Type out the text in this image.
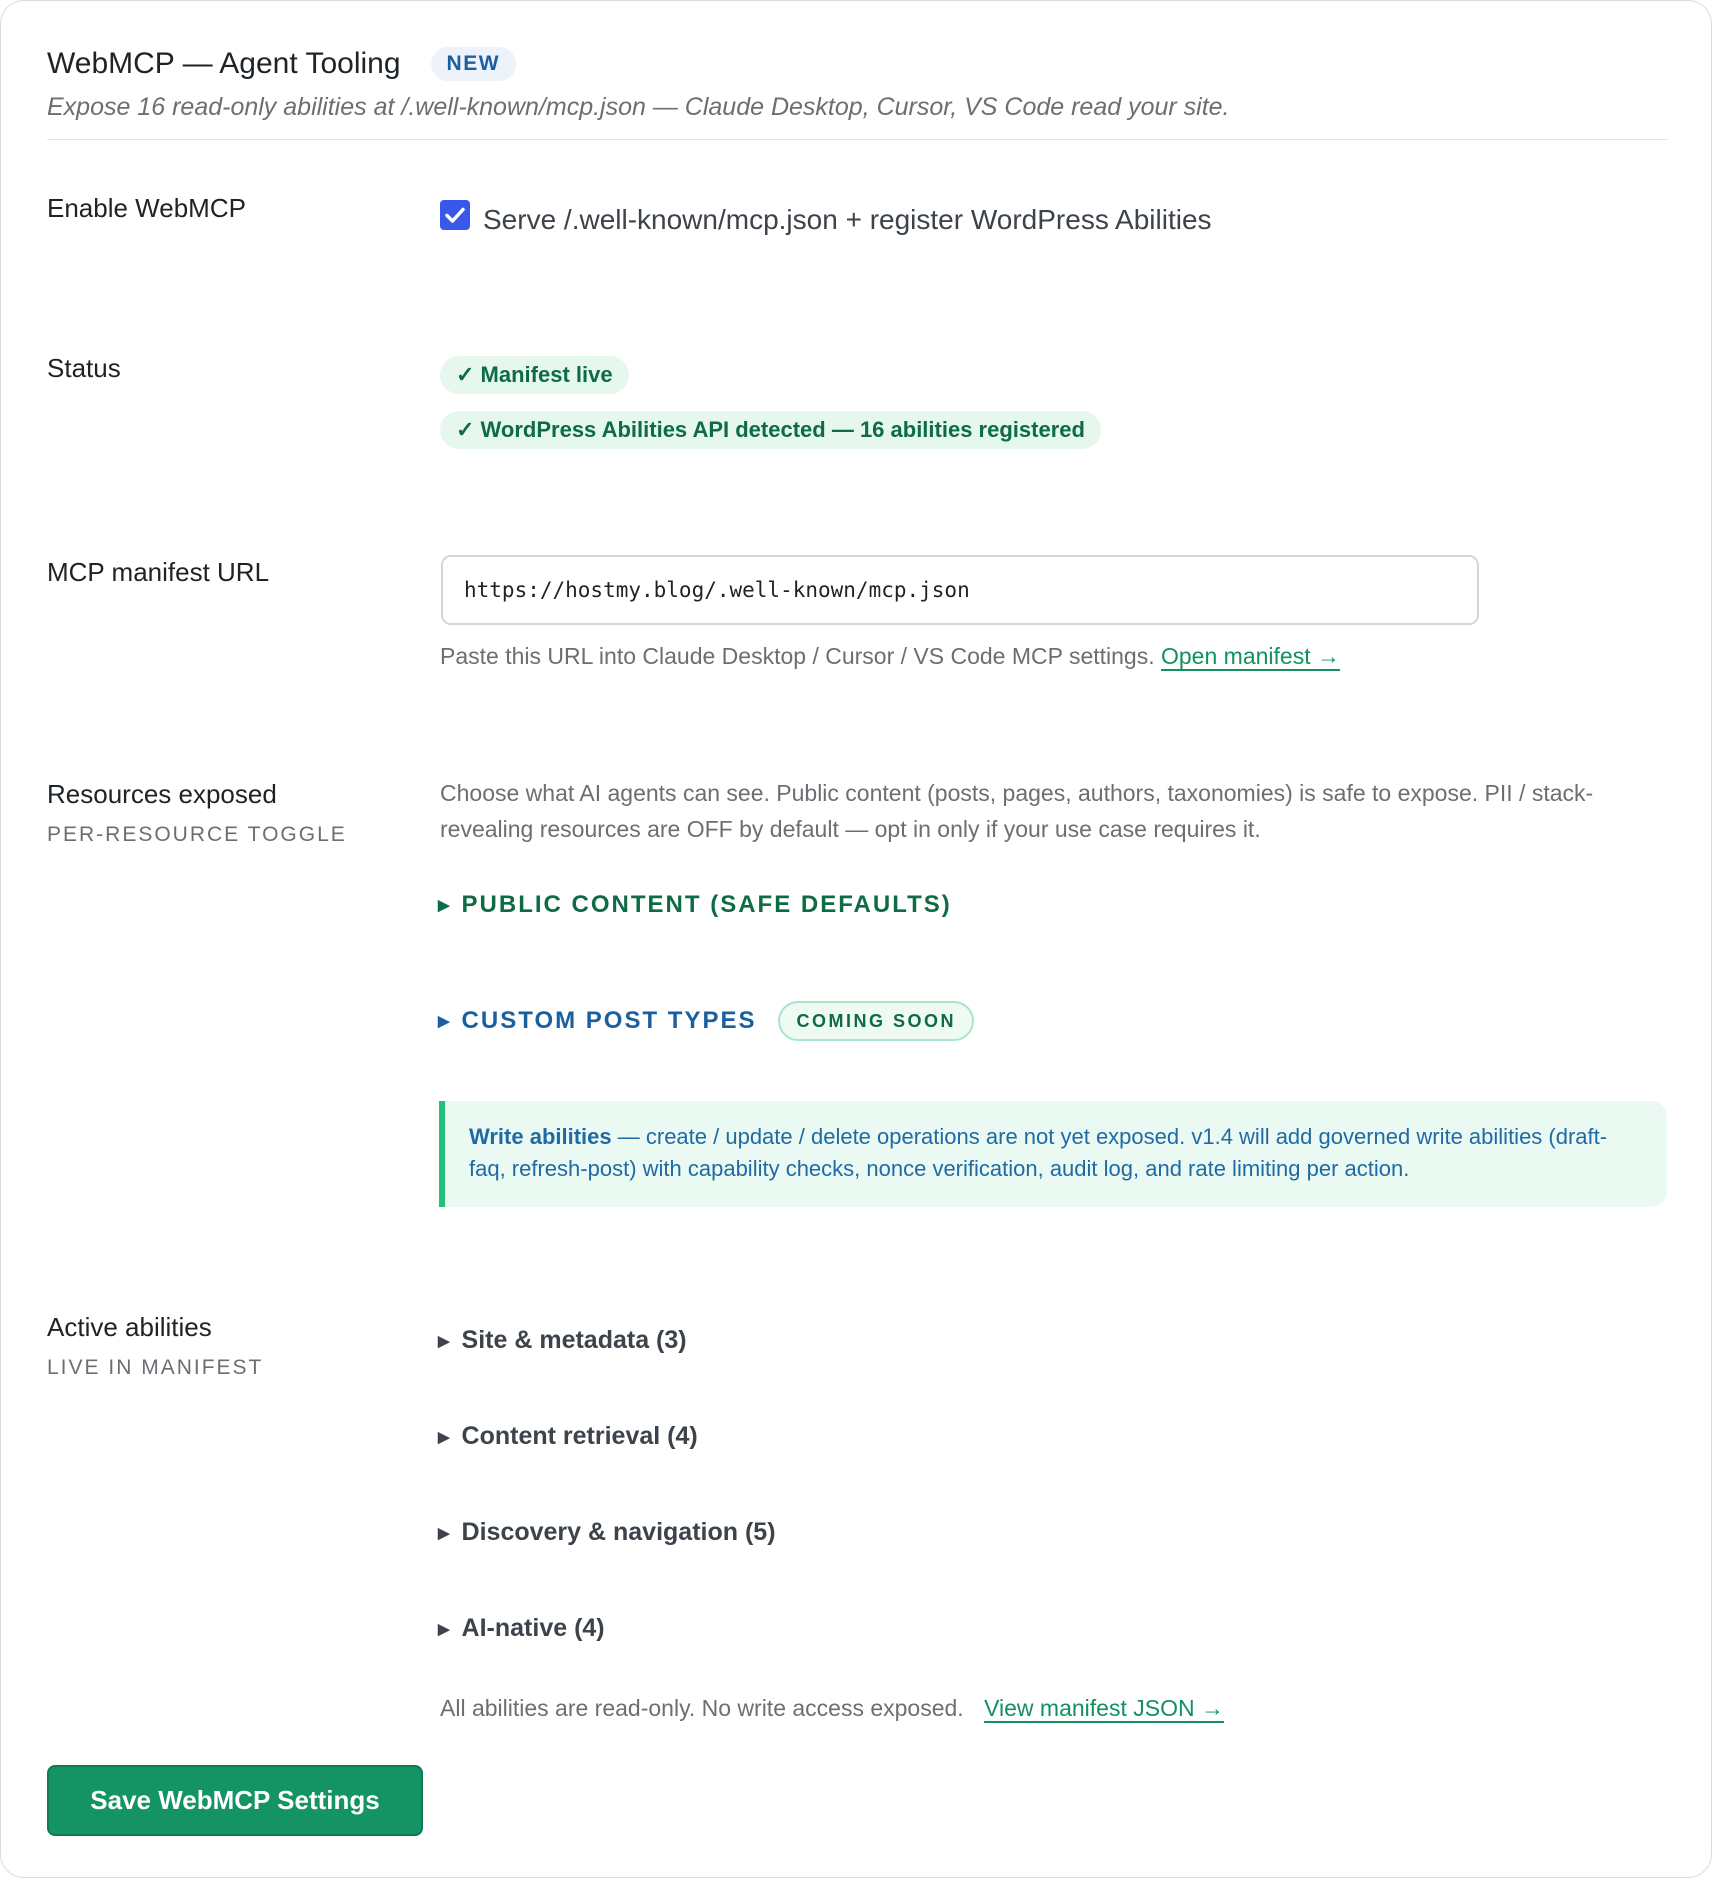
WebMCP — Agent Tooling	NEW
Expose 16 read-only abilities at /.well-known/mcp.json — Claude Desktop, Cursor, VS Code read your site.
Enable WebMCP	Serve /.well-known/mcp.json + register WordPress Abilities
Status	✓ Manifest live
✓ WordPress Abilities API detected — 16 abilities registered
MCP manifest URL
https://hostmy.blog/.well-known/mcp.json
Paste this URL into Claude Desktop / Cursor / VS Code MCP settings. Open manifest →
Resources exposed
PER-RESOURCE TOGGLE
Choose what AI agents can see. Public content (posts, pages, authors, taxonomies) is safe to expose. PII / stack-revealing resources are OFF by default — opt in only if your use case requires it.
▶ PUBLIC CONTENT (SAFE DEFAULTS)
▶ CUSTOM POST TYPES	COMING SOON
Write abilities — create / update / delete operations are not yet exposed. v1.4 will add governed write abilities (draft-faq, refresh-post) with capability checks, nonce verification, audit log, and rate limiting per action.
Active abilities
LIVE IN MANIFEST
▶ Site & metadata (3)
▶ Content retrieval (4)
▶ Discovery & navigation (5)
▶ AI-native (4)
All abilities are read-only. No write access exposed. View manifest JSON →
Save WebMCP Settings
